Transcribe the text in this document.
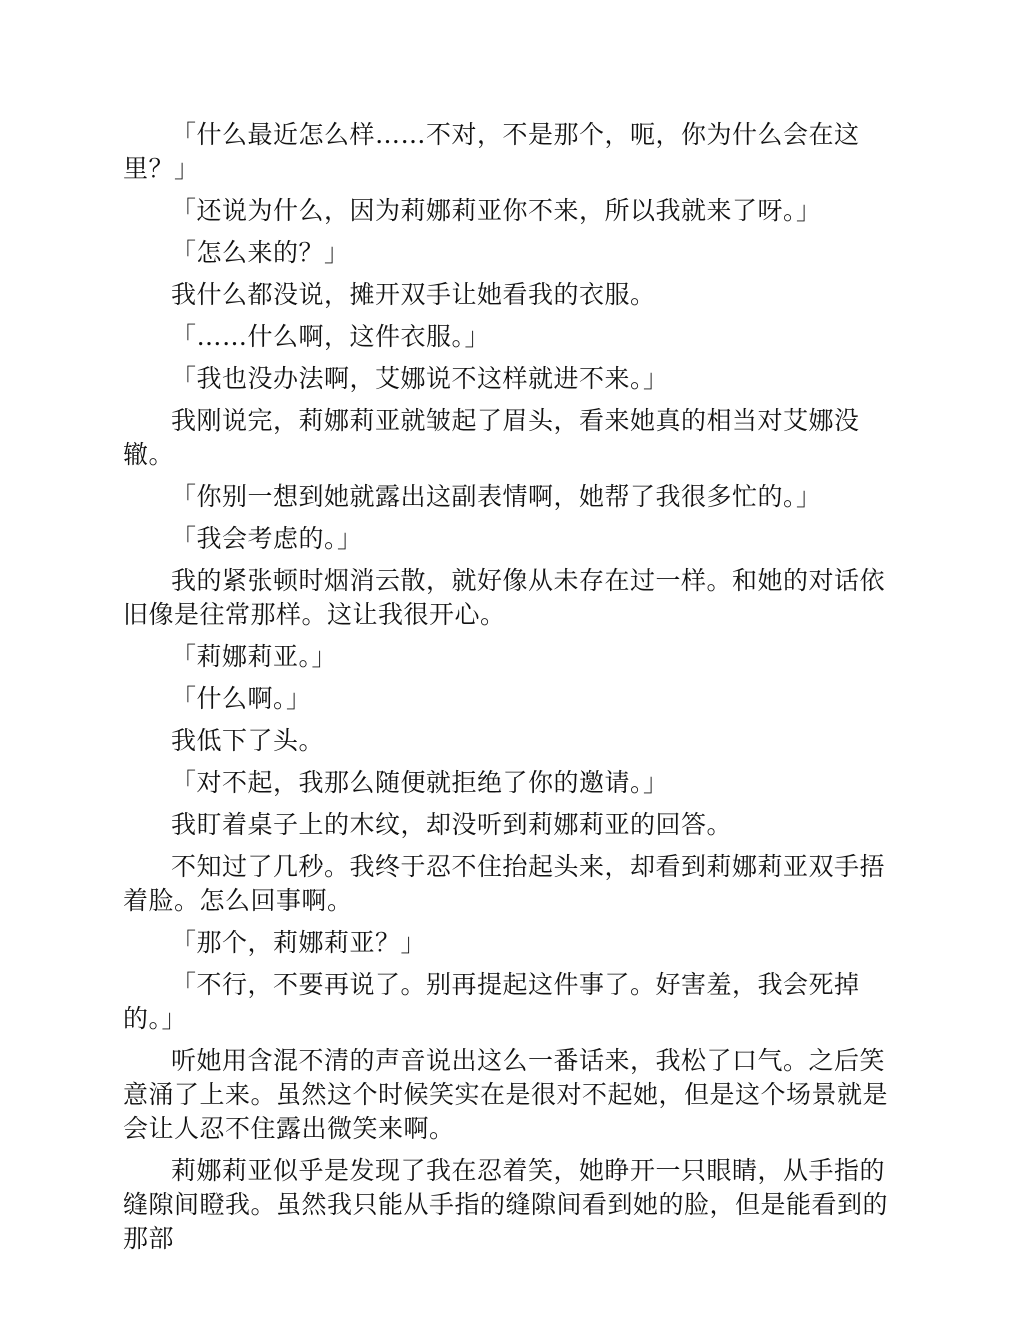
「什么最近怎么样……不对，不是那个，呃，你为什么会在这里？」

「还说为什么，因为莉娜莉亚你不来，所以我就来了呀。」

「怎么来的？」

我什么都没说，摊开双手让她看我的衣服。

「……什么啊，这件衣服。」

「我也没办法啊，艾娜说不这样就进不来。」

我刚说完，莉娜莉亚就皱起了眉头，看来她真的相当对艾娜没辙。

「你别一想到她就露出这副表情啊，她帮了我很多忙的。」

「我会考虑的。」

我的紧张顿时烟消云散，就好像从未存在过一样。和她的对话依旧像是往常那样。这让我很开心。

「莉娜莉亚。」

「什么啊。」

我低下了头。

「对不起，我那么随便就拒绝了你的邀请。」

我盯着桌子上的木纹，却没听到莉娜莉亚的回答。

不知过了几秒。我终于忍不住抬起头来，却看到莉娜莉亚双手捂着脸。怎么回事啊。

「那个，莉娜莉亚？」

「不行，不要再说了。别再提起这件事了。好害羞，我会死掉的。」

听她用含混不清的声音说出这么一番话来，我松了口气。之后笑意涌了上来。虽然这个时候笑实在是很对不起她，但是这个场景就是会让人忍不住露出微笑来啊。

莉娜莉亚似乎是发现了我在忍着笑，她睁开一只眼睛，从手指的缝隙间瞪我。虽然我只能从手指的缝隙间看到她的脸，但是能看到的那部
